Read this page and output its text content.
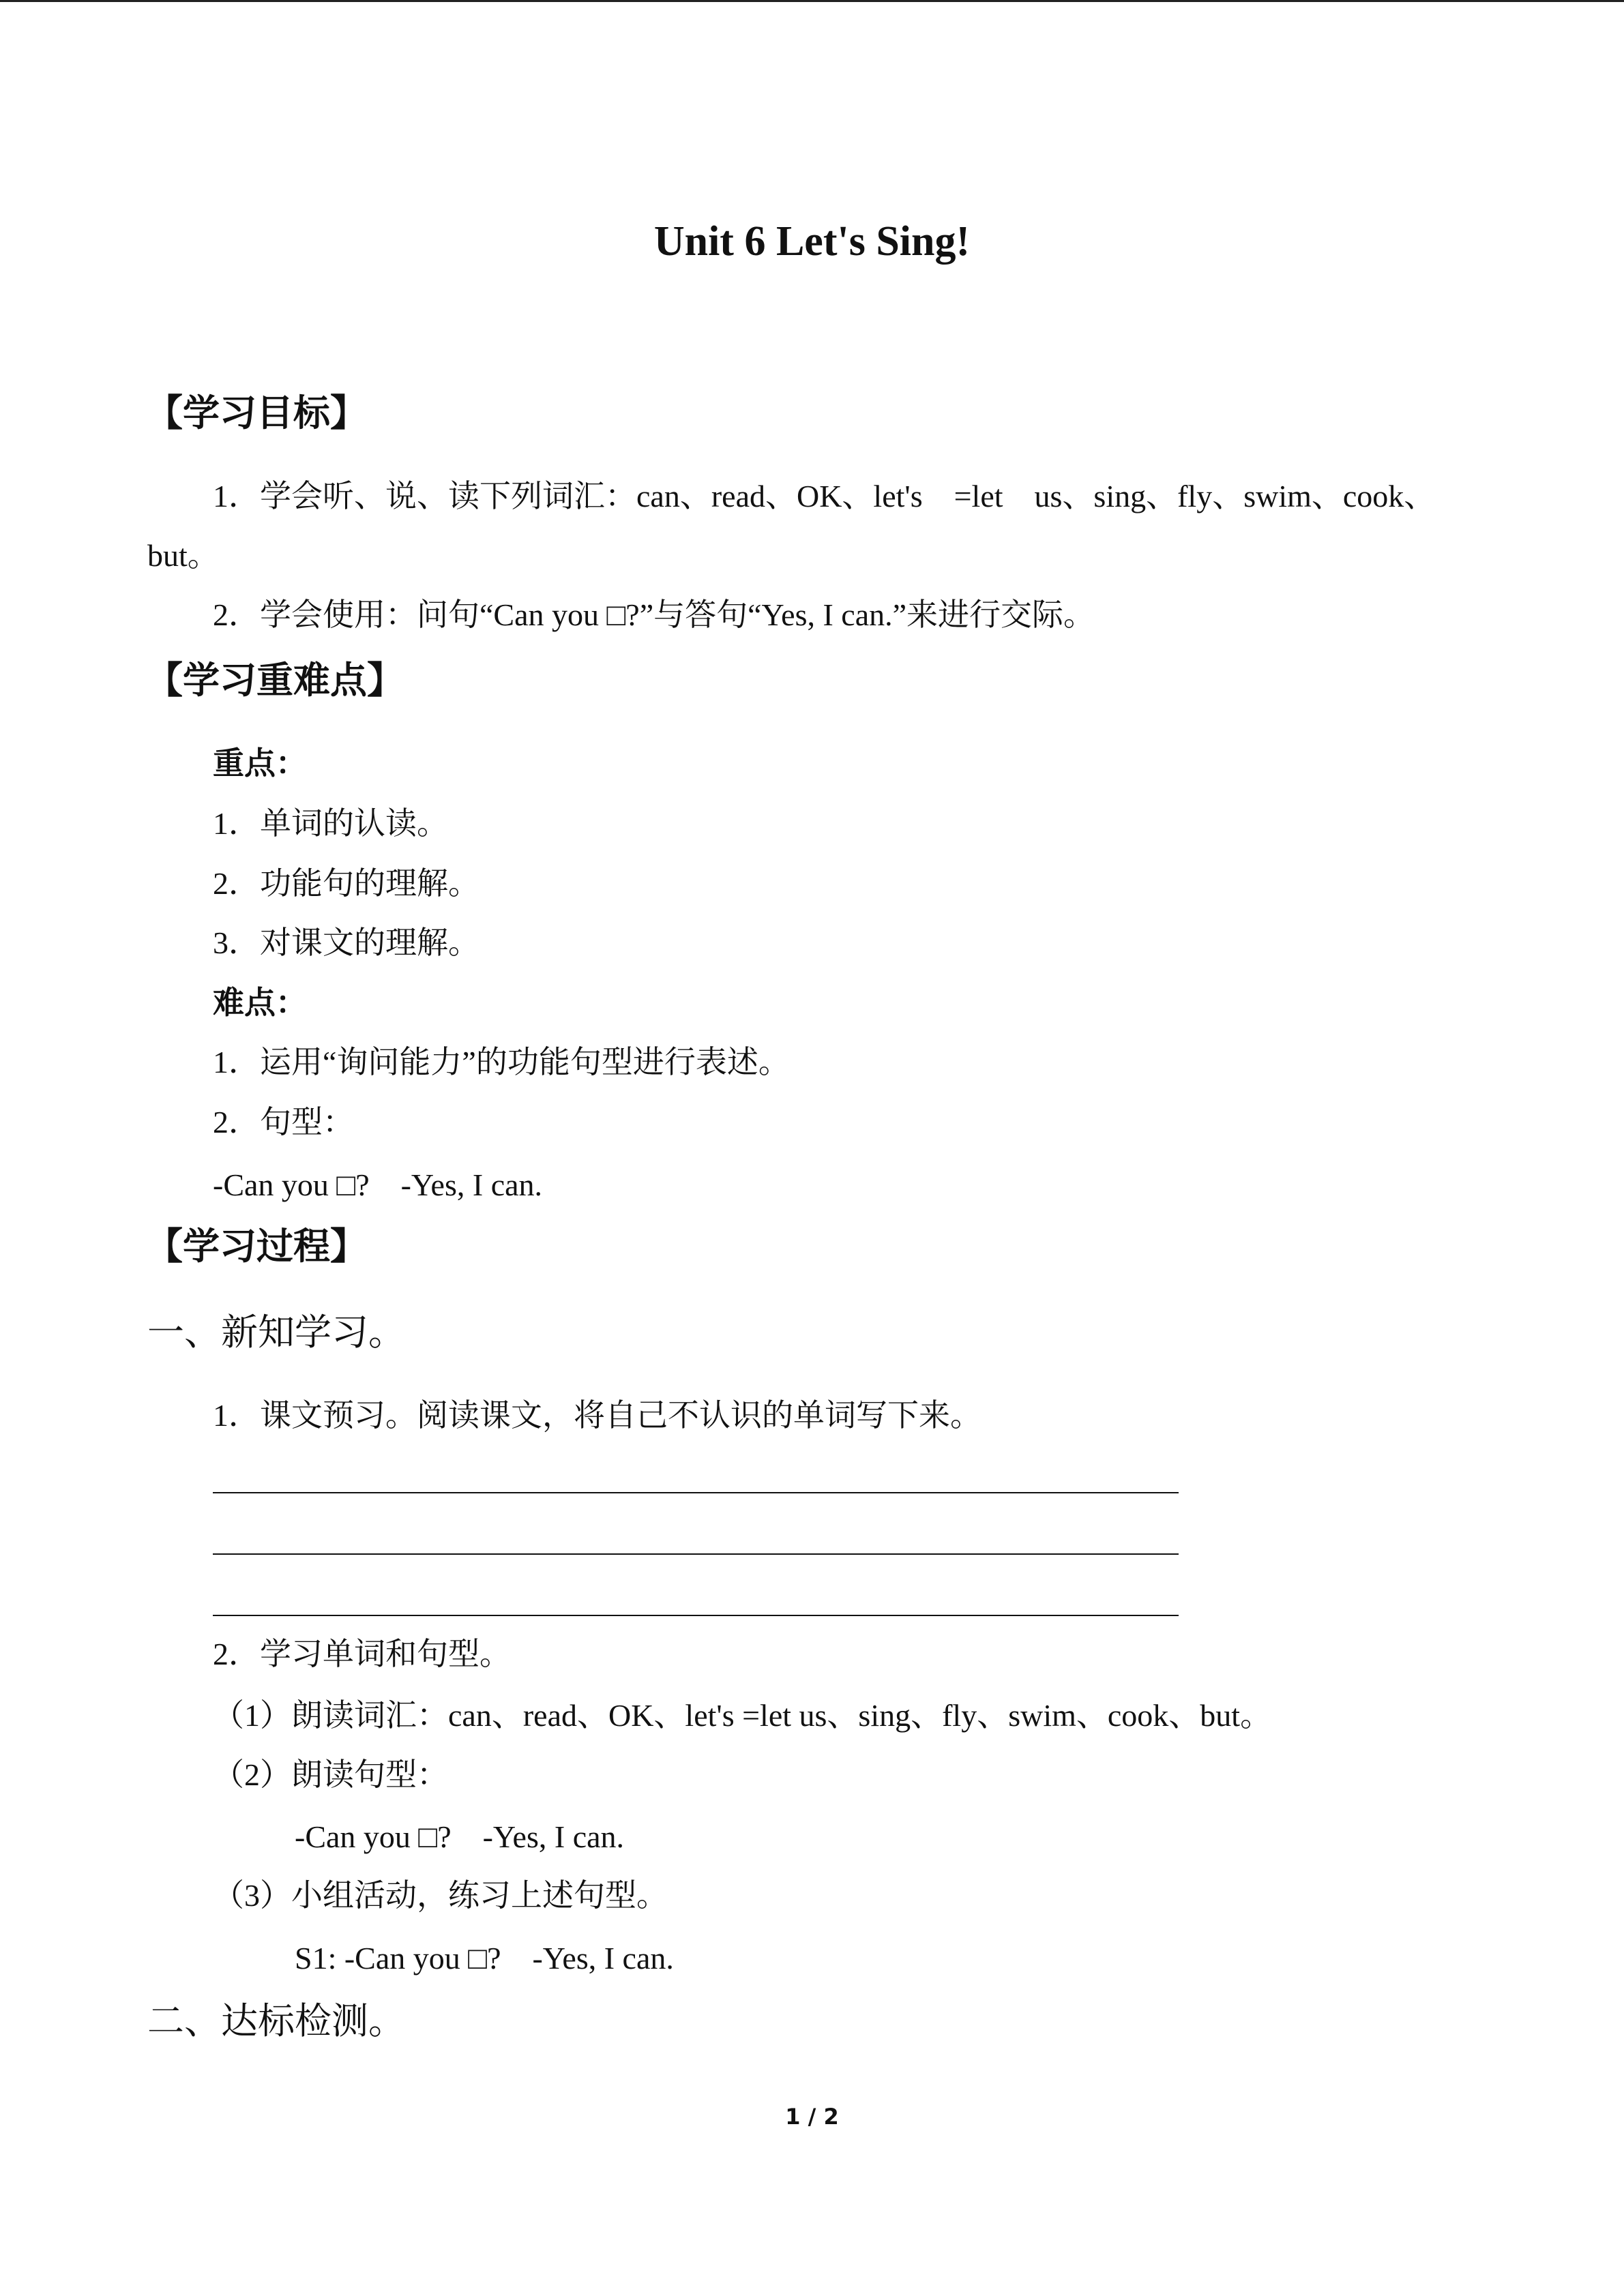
Unit 6 Let's Sing!
【学习目标】
1．学会听、说、读下列词汇：can、read、OK、let's　=let　us、sing、fly、swim、cook、
but。
2．学会使用：问句“Can you □?”与答句“Yes, I can.”来进行交际。
【学习重难点】
重点：
1．单词的认读。
2．功能句的理解。
3．对课文的理解。
难点：
1．运用“询问能力”的功能句型进行表述。
2．句型：
-Can you □?　-Yes, I can.
【学习过程】
一、新知学习。
1．课文预习。阅读课文，将自己不认识的单词写下来。
2．学习单词和句型。
（1）朗读词汇：can、read、OK、let's =let us、sing、fly、swim、cook、but。
（2）朗读句型：
-Can you □?　-Yes, I can.
（3）小组活动，练习上述句型。
S1: -Can you □?　-Yes, I can.
二、达标检测。
1 / 2
